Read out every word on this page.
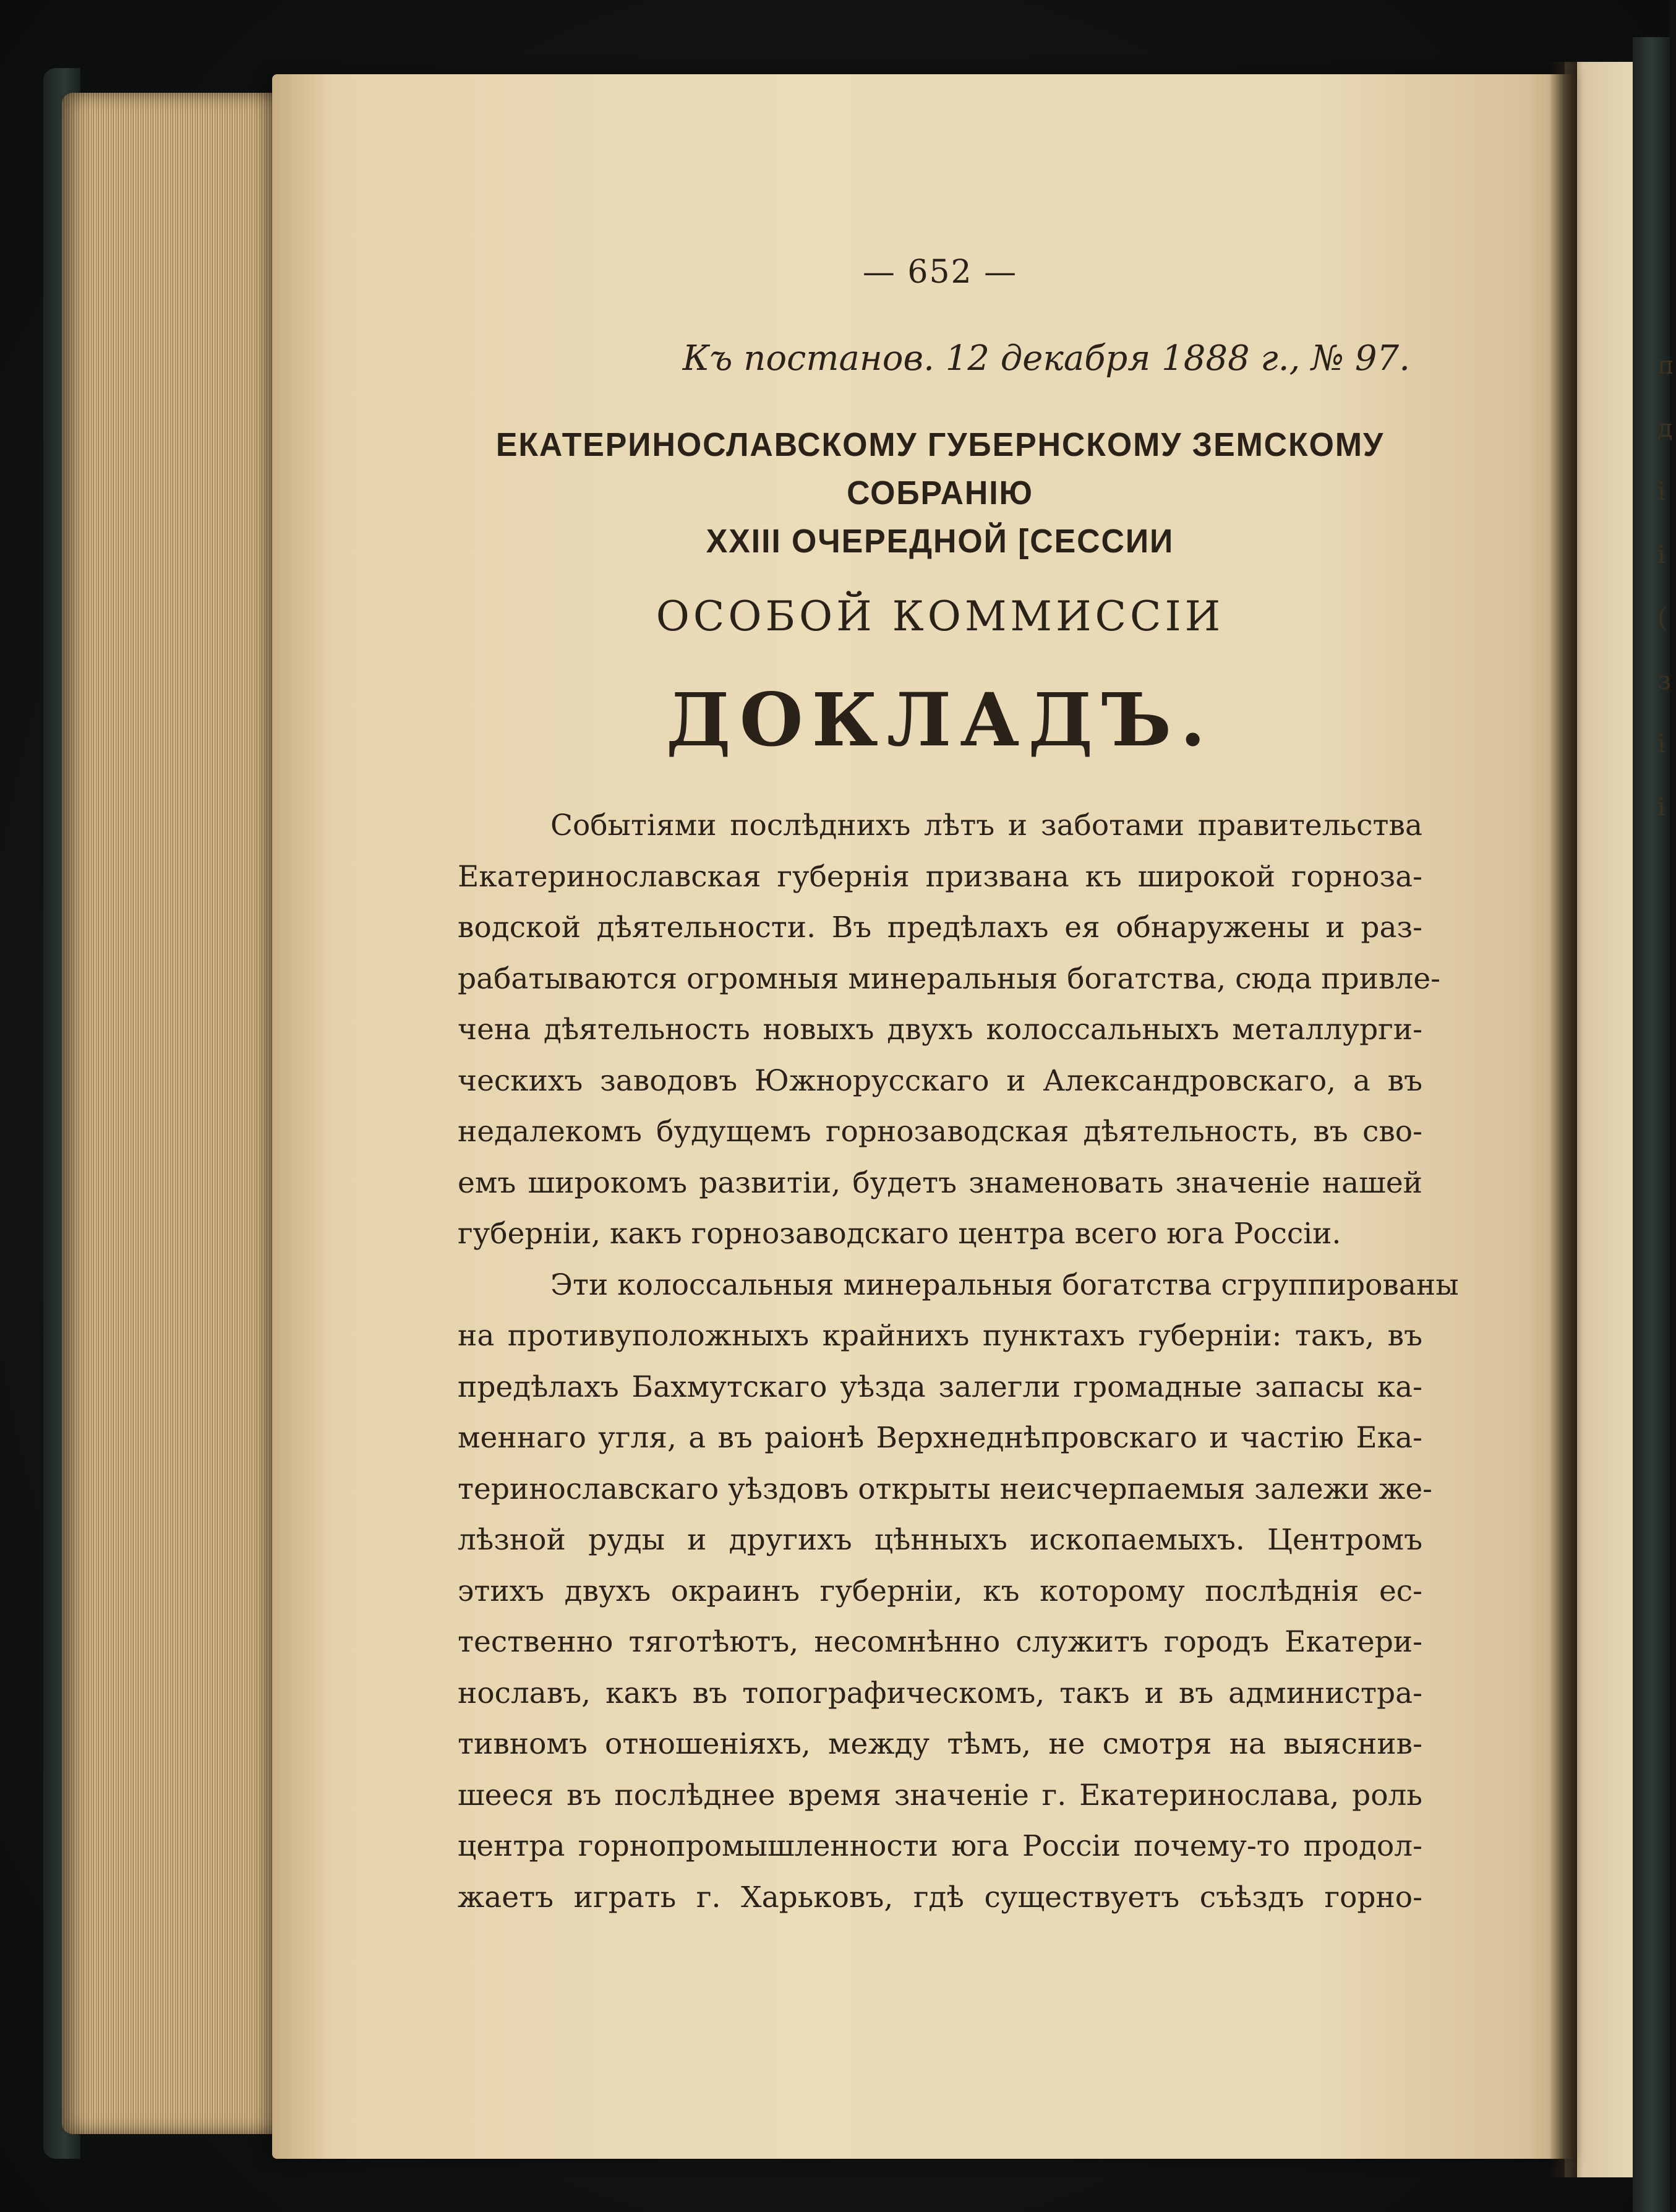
п
д
і
і
(
з
і
і

— 652 —

Къ постанов. 12 декабря 1888 г., № 97.
ЕКАТЕРИНОСЛАВСКОМУ ГУБЕРНСКОМУ ЗЕМСКОМУ СОБРАНІЮ
XXIII ОЧЕРЕДНОЙ [СЕССИИ
ОСОБОЙ КОММИССІИ
ДОКЛАДЪ.

Событіями послѣднихъ лѣтъ и заботами правительства

Екатеринославская губернія призвана къ широкой горноза-

водской дѣятельности. Въ предѣлахъ ея обнаружены и раз-

рабатываются огромныя минеральныя богатства, сюда привле-

чена дѣятельность новыхъ двухъ колоссальныхъ металлурги-

ческихъ заводовъ Южнорусскаго и Александровскаго, а въ

недалекомъ будущемъ горнозаводская дѣятельность, въ сво-

емъ широкомъ развитіи, будетъ знаменовать значеніе нашей

губерніи, какъ горнозаводскаго центра всего юга Россіи.

Эти колоссальныя минеральныя богатства сгруппированы

на противуположныхъ крайнихъ пунктахъ губерніи: такъ, въ

предѣлахъ Бахмутскаго уѣзда залегли громадные запасы ка-

меннаго угля, а въ раіонѣ Верхнеднѣпровскаго и частію Ека-

теринославскаго уѣздовъ открыты неисчерпаемыя залежи же-

лѣзной руды и другихъ цѣнныхъ ископаемыхъ. Центромъ

этихъ двухъ окраинъ губерніи, къ которому послѣднія ес-

тественно тяготѣютъ, несомнѣнно служитъ городъ Екатери-

нославъ, какъ въ топографическомъ, такъ и въ администра-

тивномъ отношеніяхъ, между тѣмъ, не смотря на выяснив-

шееся въ послѣднее время значеніе г. Екатеринослава, роль

центра горнопромышленности юга Россіи почему-то продол-

жаетъ играть г. Харьковъ, гдѣ существуетъ съѣздъ горно-
